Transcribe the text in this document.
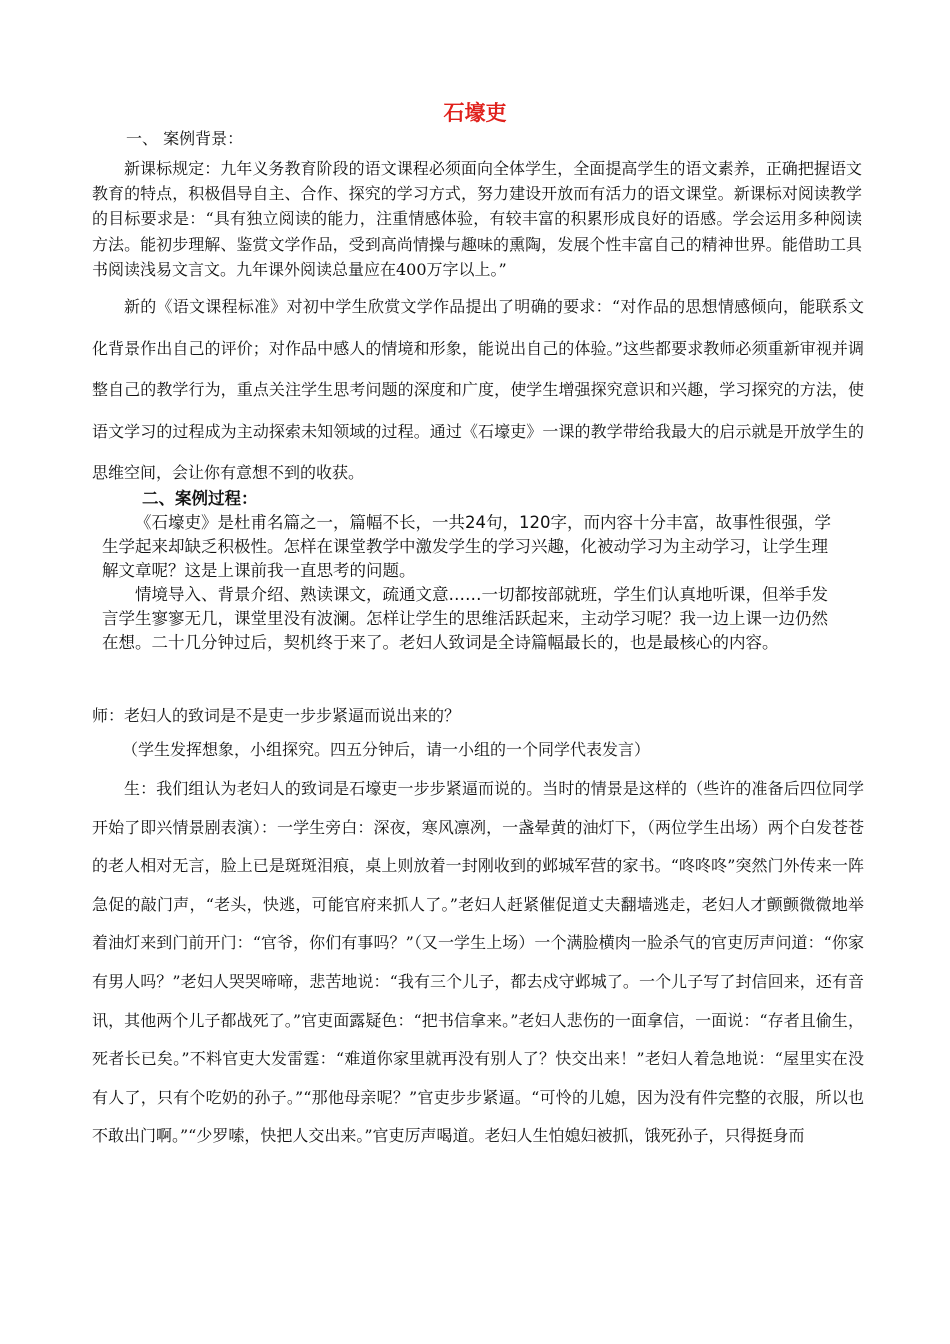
石壕吏
一、 案例背景：
新课标规定：九年义务教育阶段的语文课程必须面向全体学生，全面提高学生的语文素养，正确把握语文教育的特点，积极倡导自主、合作、探究的学习方式，努力建设开放而有活力的语文课堂。新课标对阅读教学的目标要求是：“具有独立阅读的能力，注重情感体验，有较丰富的积累形成良好的语感。学会运用多种阅读方法。能初步理解、鉴赏文学作品，受到高尚情操与趣味的熏陶，发展个性丰富自己的精神世界。能借助工具书阅读浅易文言文。九年课外阅读总量应在400万字以上。”
新的《语文课程标准》对初中学生欣赏文学作品提出了明确的要求：“对作品的思想情感倾向，能联系文化背景作出自己的评价；对作品中感人的情境和形象，能说出自己的体验。”这些都要求教师必须重新审视并调整自己的教学行为，重点关注学生思考问题的深度和广度，使学生增强探究意识和兴趣，学习探究的方法，使语文学习的过程成为主动探索未知领域的过程。通过《石壕吏》一课的教学带给我最大的启示就是开放学生的思维空间，会让你有意想不到的收获。
二、案例过程：
《石壕吏》是杜甫名篇之一，篇幅不长，一共24句，120字，而内容十分丰富，故事性很强，学生学起来却缺乏积极性。怎样在课堂教学中激发学生的学习兴趣，化被动学习为主动学习，让学生理解文章呢？这是上课前我一直思考的问题。
情境导入、背景介绍、熟读课文，疏通文意……一切都按部就班，学生们认真地听课，但举手发言学生寥寥无几，课堂里没有波澜。怎样让学生的思维活跃起来，主动学习呢？我一边上课一边仍然在想。二十几分钟过后，契机终于来了。老妇人致词是全诗篇幅最长的，也是最核心的内容。
师：老妇人的致词是不是吏一步步紧逼而说出来的？
（学生发挥想象，小组探究。四五分钟后，请一小组的一个同学代表发言）
生：我们组认为老妇人的致词是石壕吏一步步紧逼而说的。当时的情景是这样的（些许的准备后四位同学开始了即兴情景剧表演）：一学生旁白：深夜，寒风凛冽，一盏晕黄的油灯下，（两位学生出场）两个白发苍苍的老人相对无言，脸上已是斑斑泪痕，桌上则放着一封刚收到的邺城军营的家书。“咚咚咚”突然门外传来一阵急促的敲门声，“老头，快逃，可能官府来抓人了。”老妇人赶紧催促道丈夫翻墙逃走，老妇人才颤颤微微地举着油灯来到门前开门：“官爷，你们有事吗？”（又一学生上场）一个满脸横肉一脸杀气的官吏厉声问道：“你家有男人吗？”老妇人哭哭啼啼，悲苦地说：“我有三个儿子，都去戍守邺城了。一个儿子写了封信回来，还有音讯，其他两个儿子都战死了。”官吏面露疑色：“把书信拿来。”老妇人悲伤的一面拿信，一面说：“存者且偷生，死者长已矣。”不料官吏大发雷霆：“难道你家里就再没有别人了？快交出来！”老妇人着急地说：“屋里实在没有人了，只有个吃奶的孙子。”“那他母亲呢？”官吏步步紧逼。“可怜的儿媳，因为没有件完整的衣服，所以也不敢出门啊。”“少罗嗦，快把人交出来。”官吏厉声喝道。老妇人生怕媳妇被抓，饿死孙子，只得挺身而
